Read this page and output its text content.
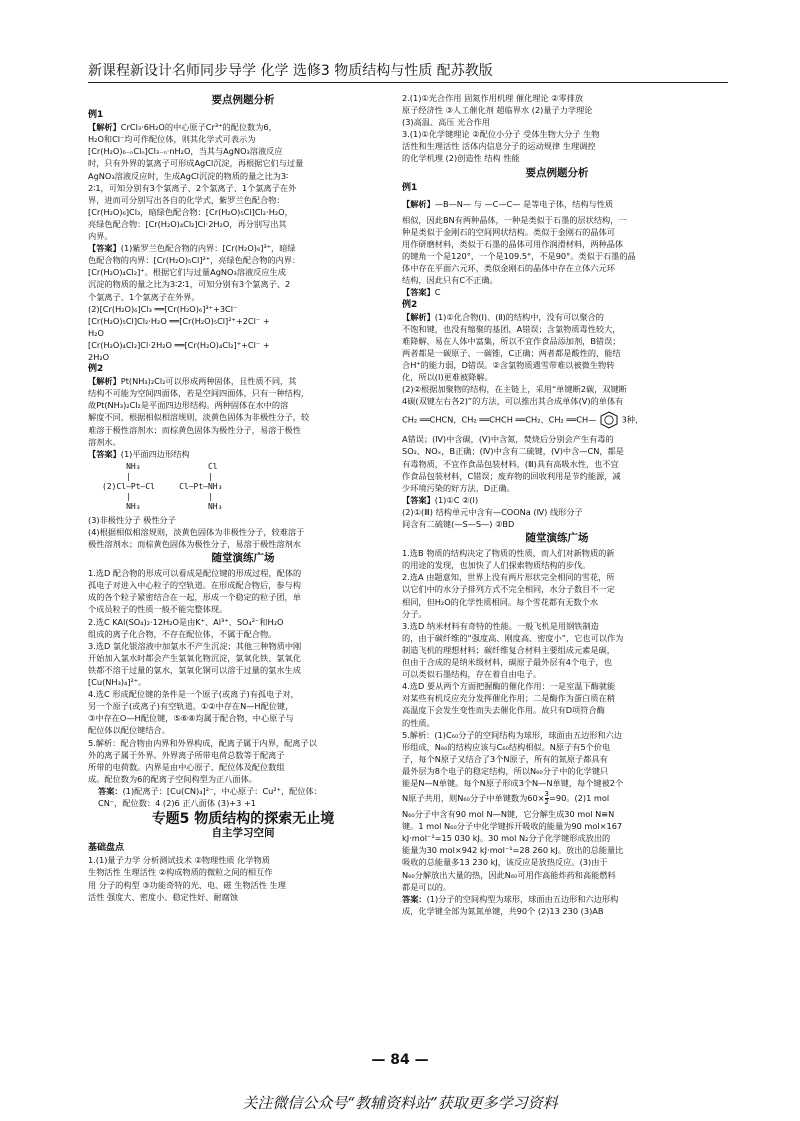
新课程新设计名师同步导学 化学 选修3 物质结构与性质 配苏教版
要点例题分析
例1

【解析】CrCl₃·6H₂O的中心原子Cr³⁺的配位数为6，

H₂O和Cl⁻均可作配位体，则其化学式可表示为

[Cr(H₂O)₆₋ₙClₙ]Cl₃₋ₙ·nH₂O，当其与AgNO₃溶液反应

时，只有外界的氯离子可形成AgCl沉淀，再根据它们与过量

AgNO₃溶液反应时，生成AgCl沉淀的物质的量之比为3∶

2∶1，可知分别有3个氯离子、2个氯离子、1个氯离子在外

界，进而可分别写出各自的化学式，紫罗兰色配合物：

[Cr(H₂O)₆]Cl₃，暗绿色配合物：[Cr(H₂O)₅Cl]Cl₂·H₂O，

亮绿色配合物：[Cr(H₂O)₄Cl₂]Cl·2H₂O，再分别写出其

内界。

【答案】(1)紫罗兰色配合物的内界：[Cr(H₂O)₆]³⁺，暗绿

色配合物的内界：[Cr(H₂O)₅Cl]²⁺，亮绿色配合物的内界：

[Cr(H₂O)₄Cl₂]⁺。根据它们与过量AgNO₃溶液反应生成

沉淀的物质的量之比为3∶2∶1，可知分别有3个氯离子、2

个氯离子、1个氯离子在外界。

(2)[Cr(H₂O)₆]Cl₃ ══[Cr(H₂O)₆]³⁺+3Cl⁻

[Cr(H₂O)₅Cl]Cl₂·H₂O ══[Cr(H₂O)₅Cl]²⁺+2Cl⁻ +

H₂O

[Cr(H₂O)₄Cl₂]Cl·2H₂O ══[Cr(H₂O)₄Cl₂]⁺+Cl⁻ +

2H₂O

例2

【解析】Pt(NH₃)₂Cl₂可以形成两种固体，且性质不同，其

结构不可能为空间四面体，若是空间四面体，只有一种结构，

故Pt(NH₃)₂Cl₂是平面四边形结构。两种固体在水中的溶

解度不同，根据相似相溶规则，淡黄色固体为非极性分子，较

难溶于极性溶剂水；而棕黄色固体为极性分子，易溶于极性

溶剂水。

【答案】(1)平面四边形结构

NH₃              Cl
|                |
(2)Cl—Pt—Cl     Cl—Pt—NH₃
|                |
NH₃              NH₃

(3)非极性分子 极性分子

(4)根据相似相溶规则，淡黄色固体为非极性分子，较难溶于

极性溶剂水；而棕黄色固体为极性分子，易溶于极性溶剂水

随堂演练广场

1.选D 配合物的形成可以看成是配位键的形成过程，配体的

孤电子对进入中心粒子的空轨道。在形成配合物后，参与构

成的各个粒子紧密结合在一起，形成一个稳定的粒子团，单

个成员粒子的性质一般不能完整体现。

2.选C KAl(SO₄)₂·12H₂O是由K⁺、Al³⁺、SO₄²⁻和H₂O

组成的离子化合物，不存在配位体，不属于配合物。

3.选D 氯化银溶液中加氯水不产生沉淀；其他三种物质中刚

开始加入氯水时都会产生氯氧化物沉淀，氯氧化铁、氯氧化

铁都不溶于过量的氯水，氯氧化铜可以溶于过量的氯水生成

[Cu(NH₃)₄]²⁺。

4.选C 形成配位键的条件是一个原子(或离子)有孤电子对，

另一个原子(或离子)有空轨道。①②中存在N—H配位键，

③中存在O—H配位键，⑤⑥⑧均属于配合物，中心原子与

配位体以配位键结合。

5.解析：配合物由内界和外界构成，配离子属于内界，配离子以

外的离子属于外界。外界离子所带电荷总数等于配离子

所带的电荷数。内界是由中心原子、配位体及配位数组

成。配位数为6的配离子空间构型为正八面体。

答案：(1)配离子：[Cu(CN)₄]²⁻，中心原子：Cu²⁺，配位体：

CN⁻，配位数：4 (2)6 正八面体 (3)+3 +1

专题5 物质结构的探索无止境
自主学习空间
基础盘点

1.(1)量子力学 分析测试技术 ②物理性质 化学物质

生物活性 生理活性 ②构成物质的微粒之间的相互作

用 分子的构型 ③功能奇特的光、电、磁 生物活性 生理

活性 强度大、密度小、稳定性好、耐腐蚀

2.(1)①光合作用 固氮作用机理 催化理论 ②零排放

原子经济性 ③人工催化剂 超临界水 (2)量子力学理论

(3)高温、高压 光合作用

3.(1)①化学键理论 ②配位小分子 受体生物大分子 生物

活性和生理活性 活体内信息分子的运动规律 生理调控

的化学机理 (2)创造性 结构 性能

要点例题分析
例1

【解析】—B—N— 与 —C—C— 是等电子体，结构与性质

相似，因此BN有两种晶体，一种是类似于石墨的层状结构，一

种是类似于金刚石的空间网状结构。类似于金刚石的晶体可

用作研磨材料，类似于石墨的晶体可用作润滑材料，两种晶体

的键角一个是120°，一个是109.5°，不是90°。类似于石墨的晶

体中存在平面六元环，类似金刚石的晶体中存在立体六元环

结构，因此只有C不正确。

【答案】C

例2

【解析】(1)①化合物(Ⅰ)、(Ⅱ)的结构中，没有可以聚合的

不饱和键，也没有缩聚的基团，A错误；含氯物质毒性较大，

难降解，易在人体中富集，所以不宜作食品添加剂，B错误；

两者都是一碳原子、一碳锥，C正确；两者都是酸性的，能结

合H⁺的能力弱，D错误。②含氯物质遇雪带难以被微生物转

化，所以(Ⅰ)更难被降解。

(2)②根据加聚物的结构，在主链上，采用“单键断2碳，双键断

4碳(双键左右各2)”的方法，可以推出其合成单体(Ⅴ)的单体有

CH₂ ══CHCN，CH₂ ══CHCH ══CH₂、CH₂ ══CH—	3种，

A错误；(Ⅳ)中含碳，(Ⅴ)中含氮，焚烧后分别会产生有毒的

SO₂、NOₓ，B正确；(Ⅳ)中含有二硫键，(Ⅴ)中含—CN，都是

有毒物质，不宜作食品包装材料，(Ⅲ)具有高吸水性，也不宜

作食品包装材料，C错误；废弃物的回收利用是节约能源，减

少环境污染的好方法，D正确。

【答案】(1)①C ②(Ⅰ)

(2)①(Ⅲ) 结构单元中含有—COONa (Ⅳ) 线形分子

间含有二硫键(—S—S—) ②BD

随堂演练广场

1.选B 物质的结构决定了物质的性质，而人们对新物质的新

的用途的发现，也加快了人们探索物质结构的步伐。

2.选A 由题意知，世界上没有两片形状完全相同的雪花，所

以它们中的水分子排列方式不完全相同，水分子数目不一定

相同，但H₂O的化学性质相同。每个雪花都有无数个水

分子。

3.选D 纳米材料有奇特的性能。一般飞机是用钢铁制造

的，由于碳纤维的“强度高、刚度高、密度小”，它也可以作为

制造飞机的理想材料；碳纤维复合材料主要组成元素是碳，

但由于合成的是纳米级材料，碳原子最外层有4个电子，也

可以类似石墨结构，存在着自由电子。

4.选D 要从两个方面把握酶的催化作用：一是室温下酶就能

对某些有机反应充分发挥催化作用；二是酶作为蛋白质在稍

高温度下会发生变性而失去催化作用。故只有D项符合酶

的性质。

5.解析：(1)C₆₀分子的空间结构为球形，球面由五边形和六边

形组成，N₆₀的结构应该与C₆₀结构相似。N原子有5个价电

子，每个N原子又结合了3个N原子，所有的氮原子都具有

最外层为8个电子的稳定结构，所以N₆₀分子中的化学键只

能是N—N单键。每个N原子形成3个N—N单键，每个键被2个

N原子共用，则N₆₀分子中单键数为$60\times \frac{3}{2} =90$。(2)1 mol

N₆₀分子中含有90 mol N—N键，它分解生成30 mol N≡N

键。1 mol N₆₀分子中化学键拆开吸收的能量为90 mol×167

kJ·mol⁻¹=15 030 kJ。30 mol N₂分子化学键形成放出的

能量为30 mol×942 kJ·mol⁻¹=28 260 kJ。放出的总能量比

吸收的总能量多13 230 kJ，该反应是放热反应。(3)由于

N₆₀分解放出大量的热，因此N₆₀可用作高能炸药和高能燃料

都是可以的。

答案：(1)分子的空间构型为球形，球面由五边形和六边形构

成，化学键全部为氮氮单键，共90个 (2)13 230 (3)AB

— 84 —
关注微信公众号“教辅资料站”获取更多学习资料
